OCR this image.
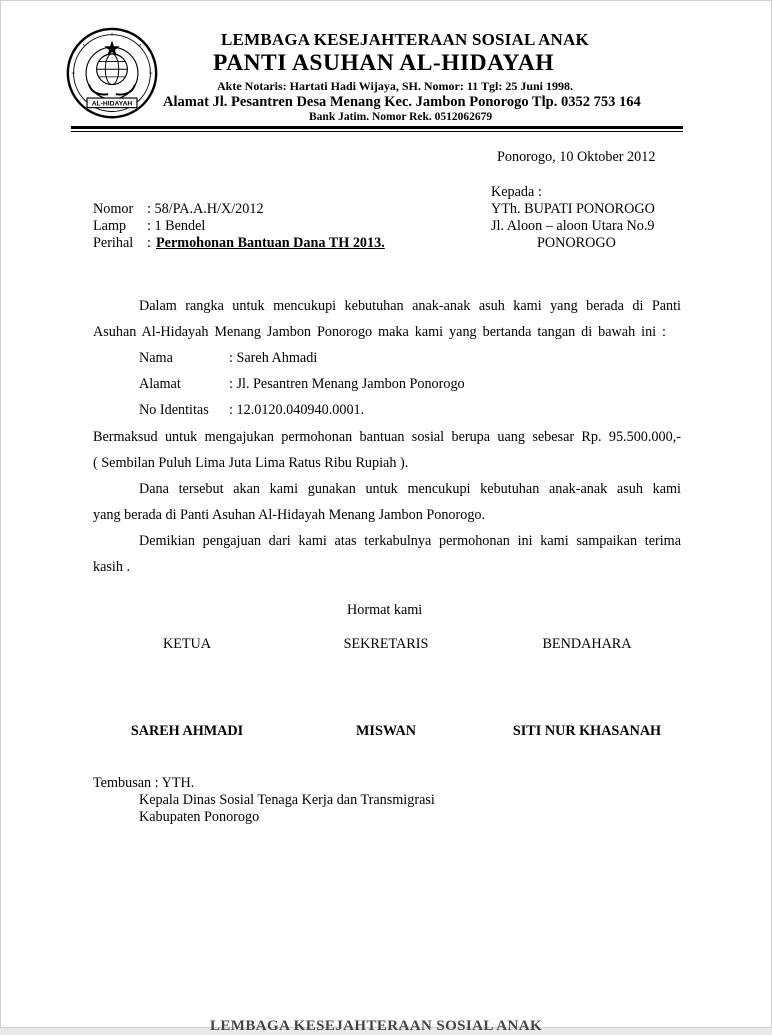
AL-HIDAYAH
LEMBAGA KESEJAHTERAAN SOSIAL ANAK
PANTI ASUHAN AL-HIDAYAH
Akte Notaris: Hartati Hadi Wijaya, SH. Nomor: 11 Tgl: 25 Juni 1998.
Alamat Jl. Pesantren Desa Menang Kec. Jambon Ponorogo Tlp. 0352 753 164
Bank Jatim. Nomor Rek. 0512062679
Ponorogo, 10 Oktober 2012
Kepada :
YTh. BUPATI PONOROGO
Jl. Aloon – aloon Utara No.9
PONOROGO
Nomor : 58/PA.A.H/X/2012
Lamp : 1 Bendel
Perihal : Permohonan Bantuan Dana TH 2013.
Dalam rangka untuk mencukupi kebutuhan anak-anak asuh kami yang berada di Panti
Asuhan Al-Hidayah Menang Jambon Ponorogo maka kami yang bertanda tangan di bawah ini :
Nama	: Sareh Ahmadi
Alamat	: Jl. Pesantren Menang Jambon Ponorogo
No Identitas : 12.0120.040940.0001.
Bermaksud untuk mengajukan permohonan bantuan sosial berupa uang sebesar Rp. 95.500.000,-
( Sembilan Puluh Lima Juta Lima Ratus Ribu Rupiah ).
Dana tersebut akan kami gunakan untuk mencukupi kebutuhan anak-anak asuh kami
yang berada di Panti Asuhan Al-Hidayah Menang Jambon Ponorogo.
Demikian pengajuan dari kami atas terkabulnya permohonan ini kami sampaikan terima
kasih .
Hormat kami
KETUA	SEKRETARIS	BENDAHARA
SAREH AHMADI	MISWAN	SITI NUR KHASANAH
Tembusan : YTH.
Kepala Dinas Sosial Tenaga Kerja dan Transmigrasi
Kabupaten Ponorogo
LEMBAGA KESEJAHTERAAN SOSIAL ANAK
